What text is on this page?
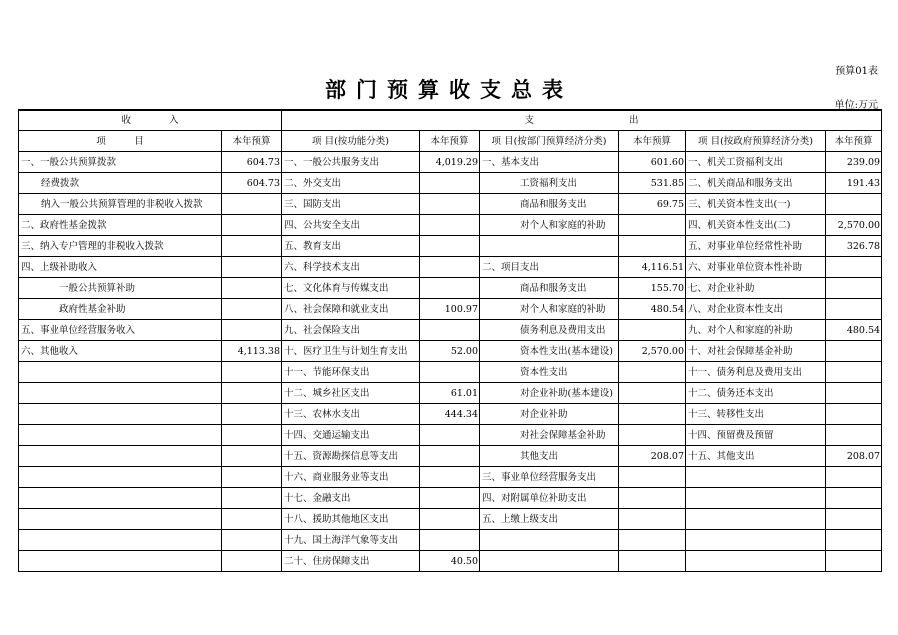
预算01表
部门预算收支总表
单位:万元
收　　　　入		支　　　　　　　　　　出					
项　　　目	本年预算	项 目(按功能分类)	本年预算	项 目(按部门预算经济分类)	本年预算	项 目(按政府预算经济分类)	本年预算
一、一般公共预算拨款	604.73	一、一般公共服务支出	4,019.29	一、基本支出	601.60	一、机关工资福利支出	239.09
经费拨款	604.73	二、外交支出		工资福利支出	531.85	二、机关商品和服务支出	191.43
纳入一般公共预算管理的非税收入拨款		三、国防支出		商品和服务支出	69.75	三、机关资本性支出(一)	
二、政府性基金拨款		四、公共安全支出		对个人和家庭的补助		四、机关资本性支出(二)	2,570.00
三、纳入专户管理的非税收入拨款		五、教育支出				五、对事业单位经常性补助	326.78
四、上级补助收入		六、科学技术支出		二、项目支出	4,116.51	六、对事业单位资本性补助	
一般公共预算补助		七、文化体育与传媒支出		商品和服务支出	155.70	七、对企业补助	
政府性基金补助		八、社会保障和就业支出	100.97	对个人和家庭的补助	480.54	八、对企业资本性支出	
五、事业单位经营服务收入		九、社会保险支出		债务利息及费用支出		九、对个人和家庭的补助	480.54
六、其他收入	4,113.38	十、医疗卫生与计划生育支出	52.00	资本性支出(基本建设)	2,570.00	十、对社会保障基金补助	
		十一、节能环保支出		资本性支出		十一、债务利息及费用支出	
		十二、城乡社区支出	61.01	对企业补助(基本建设)		十二、债务还本支出	
		十三、农林水支出	444.34	对企业补助		十三、转移性支出	
		十四、交通运输支出		对社会保障基金补助		十四、预留费及预留	
		十五、资源勘探信息等支出		其他支出	208.07	十五、其他支出	208.07
		十六、商业服务业等支出		三、事业单位经营服务支出			
		十七、金融支出		四、对附属单位补助支出			
		十八、援助其他地区支出		五、上缴上级支出			
		十九、国土海洋气象等支出					
		二十、住房保障支出	40.50				
